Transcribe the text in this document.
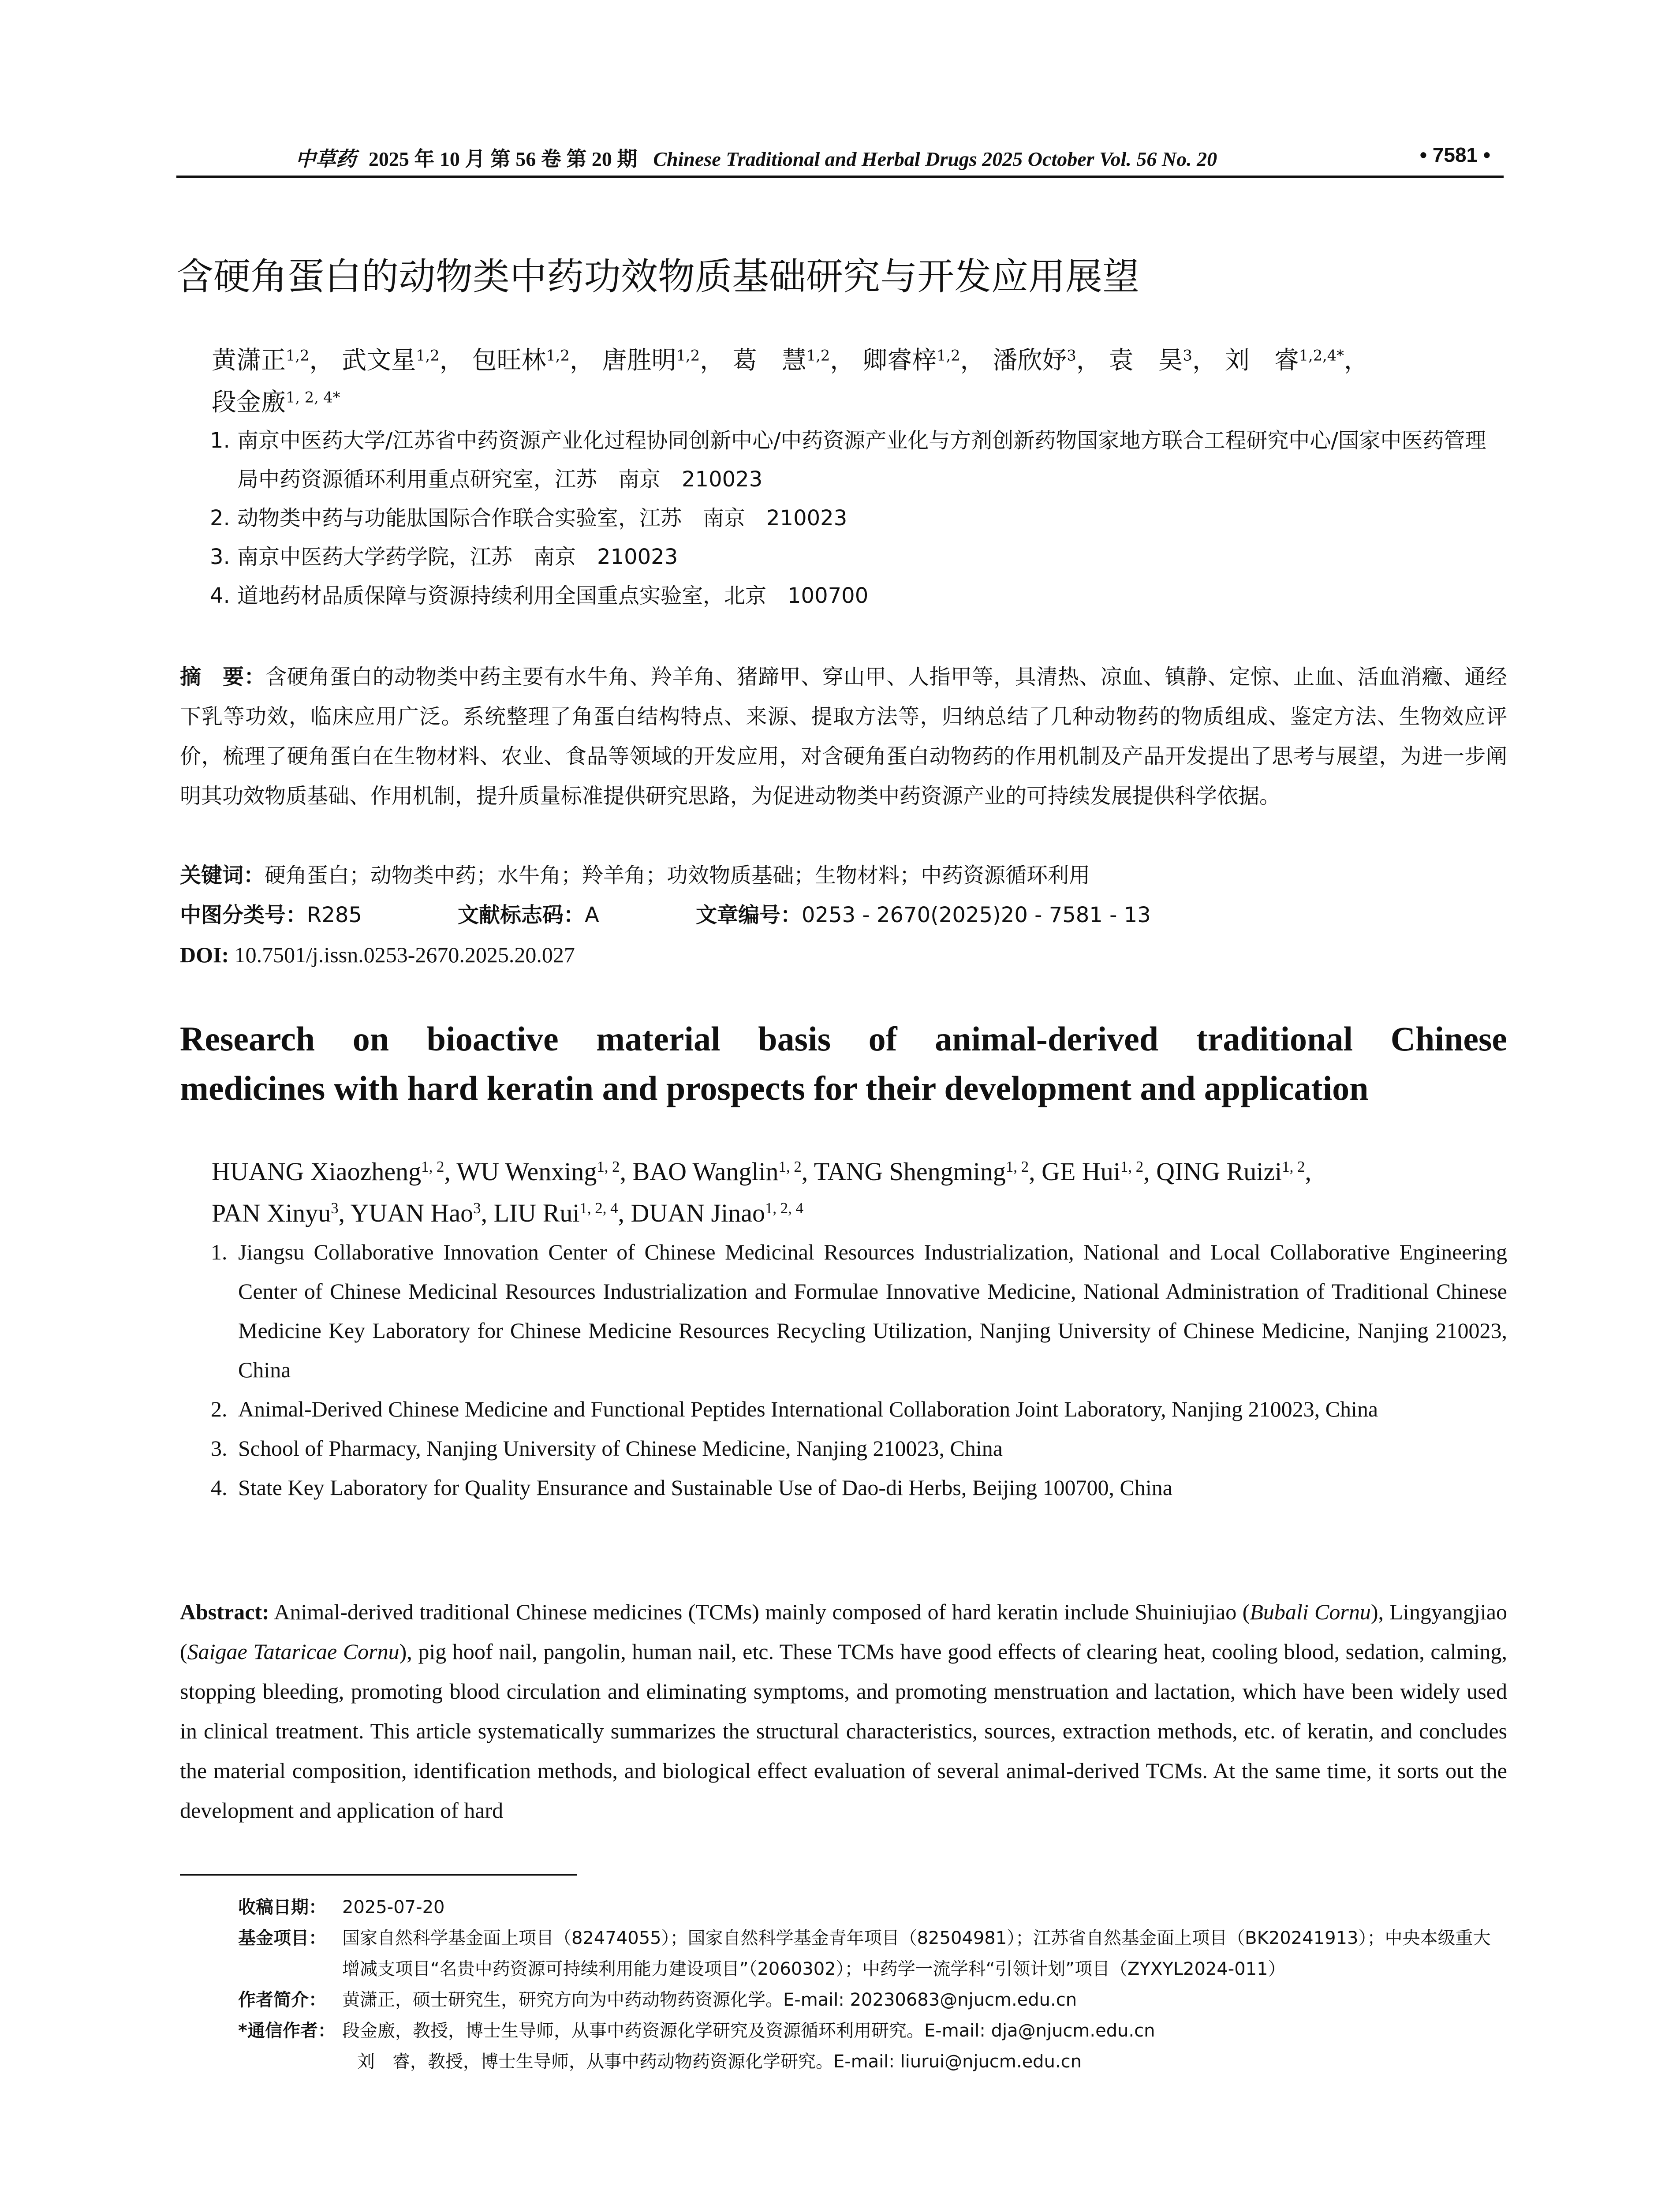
中草药 2025 年 10 月 第 56 卷 第 20 期 Chinese Traditional and Herbal Drugs 2025 October Vol. 56 No. 20	• 7581 •
含硬角蛋白的动物类中药功效物质基础研究与开发应用展望
黄潇正$^{1,2}$， 武文星$^{1,2}$， 包旺林$^{1,2}$， 唐胜明$^{1,2}$， 葛　慧$^{1,2}$， 卿睿梓$^{1,2}$， 潘欣妤$^3$， 袁　昊$^3$， 刘　睿$^{1,2,4*}$，
段金廒$^{1, 2, 4*}$
1. 南京中医药大学/江苏省中药资源产业化过程协同创新中心/中药资源产业化与方剂创新药物国家地方联合工程研究中心/国家中医药管理局中药资源循环利用重点研究室，江苏　南京　210023
2. 动物类中药与功能肽国际合作联合实验室，江苏　南京　210023
3. 南京中医药大学药学院，江苏　南京　210023
4. 道地药材品质保障与资源持续利用全国重点实验室，北京　100700
摘　要：含硬角蛋白的动物类中药主要有水牛角、羚羊角、猪蹄甲、穿山甲、人指甲等，具清热、凉血、镇静、定惊、止血、活血消癥、通经下乳等功效，临床应用广泛。系统整理了角蛋白结构特点、来源、提取方法等，归纳总结了几种动物药的物质组成、鉴定方法、生物效应评价，梳理了硬角蛋白在生物材料、农业、食品等领域的开发应用，对含硬角蛋白动物药的作用机制及产品开发提出了思考与展望，为进一步阐明其功效物质基础、作用机制，提升质量标准提供研究思路，为促进动物类中药资源产业的可持续发展提供科学依据。
关键词：硬角蛋白；动物类中药；水牛角；羚羊角；功效物质基础；生物材料；中药资源循环利用
中图分类号：R285	文献标志码：A	文章编号：0253 - 2670(2025)20 - 7581 - 13
DOI: 10.7501/j.issn.0253-2670.2025.20.027
Research on bioactive material basis of animal-derived traditional Chinese
medicines with hard keratin and prospects for their development and application
HUANG Xiaozheng$^{1, 2}$, WU Wenxing$^{1, 2}$, BAO Wanglin$^{1, 2}$, TANG Shengming$^{1, 2}$, GE Hui$^{1, 2}$, QING Ruizi$^{1, 2}$,
PAN Xinyu$^3$, YUAN Hao$^3$, LIU Rui$^{1, 2, 4}$, DUAN Jinao$^{1, 2, 4}$
1. Jiangsu Collaborative Innovation Center of Chinese Medicinal Resources Industrialization, National and Local Collaborative Engineering Center of Chinese Medicinal Resources Industrialization and Formulae Innovative Medicine, National Administration of Traditional Chinese Medicine Key Laboratory for Chinese Medicine Resources Recycling Utilization, Nanjing University of Chinese Medicine, Nanjing 210023, China
2. Animal-Derived Chinese Medicine and Functional Peptides International Collaboration Joint Laboratory, Nanjing 210023, China
3. School of Pharmacy, Nanjing University of Chinese Medicine, Nanjing 210023, China
4. State Key Laboratory for Quality Ensurance and Sustainable Use of Dao-di Herbs, Beijing 100700, China
Abstract: Animal-derived traditional Chinese medicines (TCMs) mainly composed of hard keratin include Shuiniujiao (Bubali Cornu), Lingyangjiao (Saigae Tataricae Cornu), pig hoof nail, pangolin, human nail, etc. These TCMs have good effects of clearing heat, cooling blood, sedation, calming, stopping bleeding, promoting blood circulation and eliminating symptoms, and promoting menstruation and lactation, which have been widely used in clinical treatment. This article systematically summarizes the structural characteristics, sources, extraction methods, etc. of keratin, and concludes the material composition, identification methods, and biological effect evaluation of several animal-derived TCMs. At the same time, it sorts out the development and application of hard
收稿日期： 2025-07-20
基金项目： 国家自然科学基金面上项目（82474055）；国家自然科学基金青年项目（82504981）；江苏省自然基金面上项目（BK20241913）；中央本级重大增减支项目“名贵中药资源可持续利用能力建设项目”（2060302）；中药学一流学科“引领计划”项目（ZYXYL2024-011）
作者简介： 黄潇正，硕士研究生，研究方向为中药动物药资源化学。E-mail: 20230683@njucm.edu.cn
*通信作者： 段金廒，教授，博士生导师，从事中药资源化学研究及资源循环利用研究。E-mail: dja@njucm.edu.cn
刘　睿，教授，博士生导师，从事中药动物药资源化学研究。E-mail: liurui@njucm.edu.cn
